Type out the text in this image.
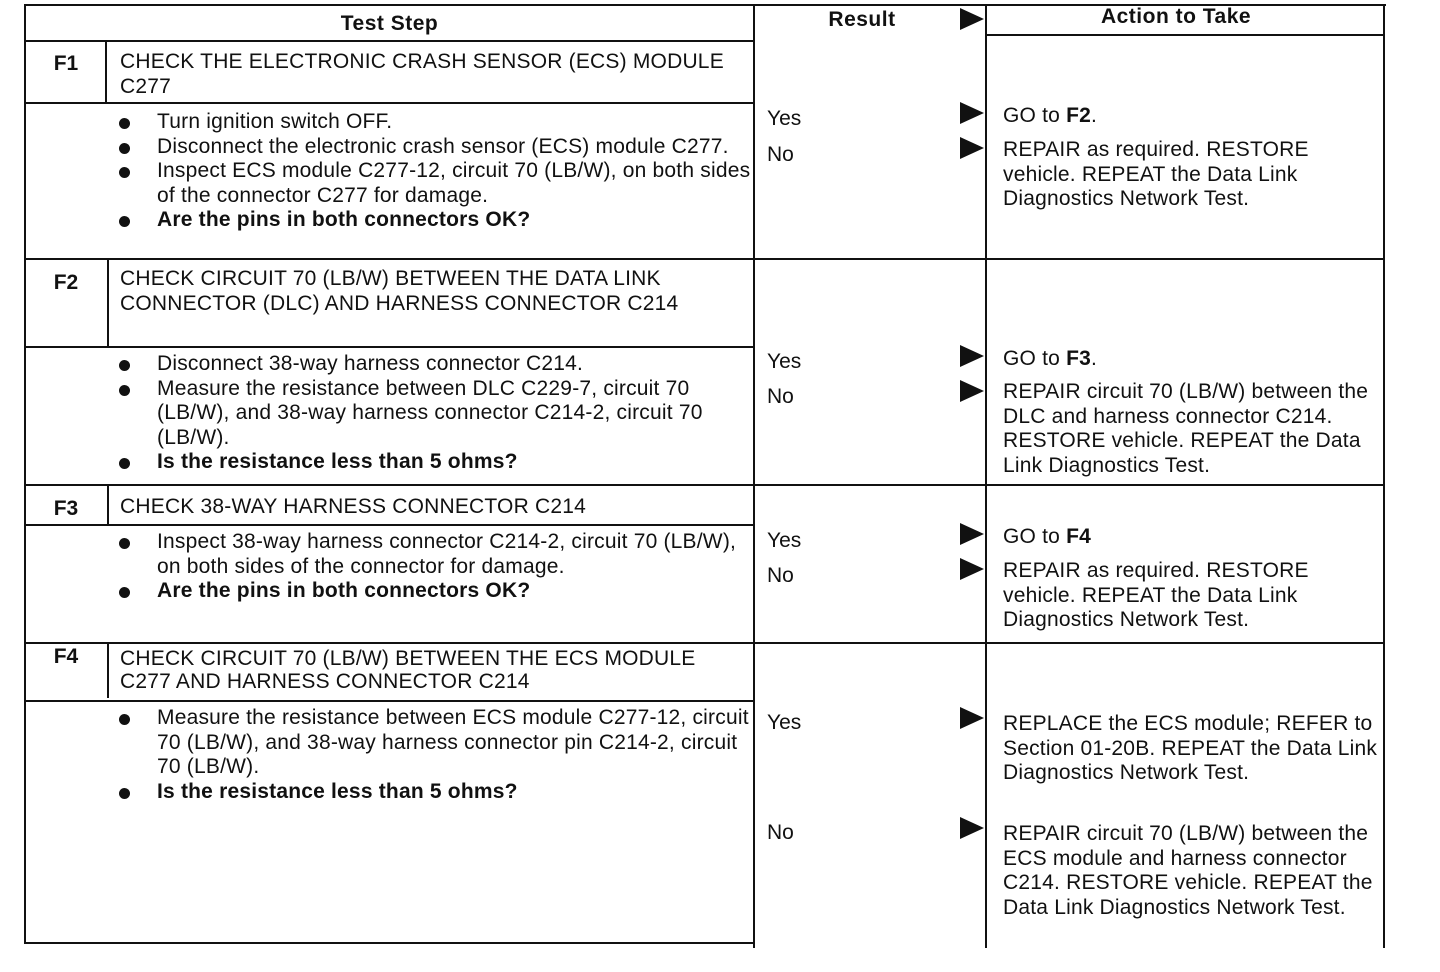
Test Step	Result	Action to Take
F1	CHECK THE ELECTRONIC CRASH SENSOR (ECS) MODULE C277
Turn ignition switch OFF.
Disconnect the electronic crash sensor (ECS) module C277.
Inspect ECS module C277-12, circuit 70 (LB/W), on both sides of the connector C277 for damage.
Are the pins in both connectors OK?
Yes	GO to F2.
No	REPAIR as required. RESTORE vehicle. REPEAT the Data Link Diagnostics Network Test.
F2	CHECK CIRCUIT 70 (LB/W) BETWEEN THE DATA LINK CONNECTOR (DLC) AND HARNESS CONNECTOR C214
Disconnect 38-way harness connector C214.
Measure the resistance between DLC C229-7, circuit 70 (LB/W), and 38-way harness connector C214-2, circuit 70 (LB/W).
Is the resistance less than 5 ohms?
Yes	GO to F3.
No	REPAIR circuit 70 (LB/W) between the DLC and harness connector C214. RESTORE vehicle. REPEAT the Data Link Diagnostics Test.
F3	CHECK 38-WAY HARNESS CONNECTOR C214
Inspect 38-way harness connector C214-2, circuit 70 (LB/W), on both sides of the connector for damage.
Are the pins in both connectors OK?
Yes	GO to F4
No	REPAIR as required. RESTORE vehicle. REPEAT the Data Link Diagnostics Network Test.
F4	CHECK CIRCUIT 70 (LB/W) BETWEEN THE ECS MODULE C277 AND HARNESS CONNECTOR C214
Measure the resistance between ECS module C277-12, circuit 70 (LB/W), and 38-way harness connector pin C214-2, circuit 70 (LB/W).
Is the resistance less than 5 ohms?
Yes	REPLACE the ECS module; REFER to Section 01-20B. REPEAT the Data Link Diagnostics Network Test.
No	REPAIR circuit 70 (LB/W) between the ECS module and harness connector C214. RESTORE vehicle. REPEAT the Data Link Diagnostics Network Test.
